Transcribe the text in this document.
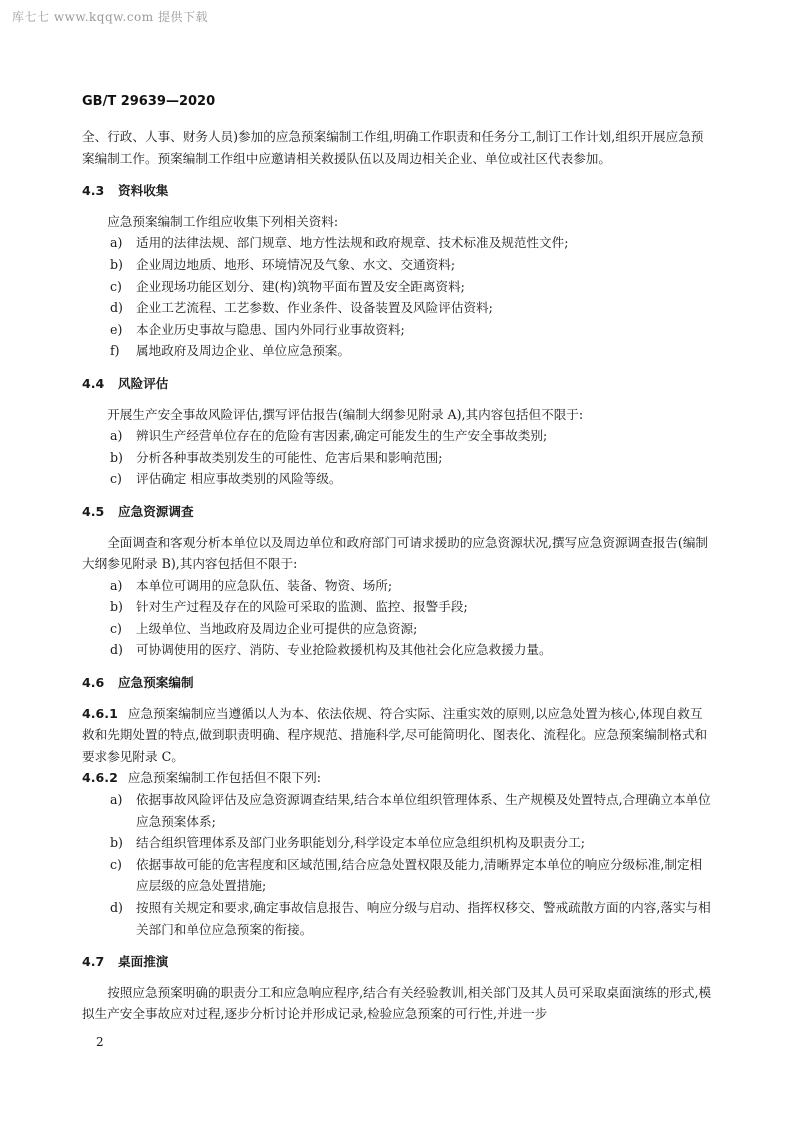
库七七 www.kqqw.com 提供下载
GB/T 29639—2020

全、行政、人事、财务人员)参加的应急预案编制工作组,明确工作职责和任务分工,制订工作计划,组织开展应急预案编制工作。预案编制工作组中应邀请相关救援队伍以及周边相关企业、单位或社区代表参加。

4.3 资料收集

应急预案编制工作组应收集下列相关资料:

a)	适用的法律法规、部门规章、地方性法规和政府规章、技术标准及规范性文件;
b)	企业周边地质、地形、环境情况及气象、水文、交通资料;
c)	企业现场功能区划分、建(构)筑物平面布置及安全距离资料;
d)	企业工艺流程、工艺参数、作业条件、设备装置及风险评估资料;
e)	本企业历史事故与隐患、国内外同行业事故资料;
f)	属地政府及周边企业、单位应急预案。
4.4 风险评估

开展生产安全事故风险评估,撰写评估报告(编制大纲参见附录 A),其内容包括但不限于:

a)	辨识生产经营单位存在的危险有害因素,确定可能发生的生产安全事故类别;
b)	分析各种事故类别发生的可能性、危害后果和影响范围;
c)	评估确定 相应事故类别的风险等级。
4.5 应急资源调查

全面调查和客观分析本单位以及周边单位和政府部门可请求援助的应急资源状况,撰写应急资源调查报告(编制大纲参见附录 B),其内容包括但不限于:

a)	本单位可调用的应急队伍、装备、物资、场所;
b)	针对生产过程及存在的风险可采取的监测、监控、报警手段;
c)	上级单位、当地政府及周边企业可提供的应急资源;
d)	可协调使用的医疗、消防、专业抢险救援机构及其他社会化应急救援力量。
4.6 应急预案编制

4.6.1 应急预案编制应当遵循以人为本、依法依规、符合实际、注重实效的原则,以应急处置为核心,体现自救互救和先期处置的特点,做到职责明确、程序规范、措施科学,尽可能简明化、图表化、流程化。应急预案编制格式和要求参见附录 C。

4.6.2 应急预案编制工作包括但不限下列:

a)	依据事故风险评估及应急资源调查结果,结合本单位组织管理体系、生产规模及处置特点,合理确立本单位应急预案体系;
b)	结合组织管理体系及部门业务职能划分,科学设定本单位应急组织机构及职责分工;
c)	依据事故可能的危害程度和区域范围,结合应急处置权限及能力,清晰界定本单位的响应分级标准,制定相应层级的应急处置措施;
d)	按照有关规定和要求,确定事故信息报告、响应分级与启动、指挥权移交、警戒疏散方面的内容,落实与相关部门和单位应急预案的衔接。
4.7 桌面推演

按照应急预案明确的职责分工和应急响应程序,结合有关经验教训,相关部门及其人员可采取桌面演练的形式,模拟生产安全事故应对过程,逐步分析讨论并形成记录,检验应急预案的可行性,并进一步

2
